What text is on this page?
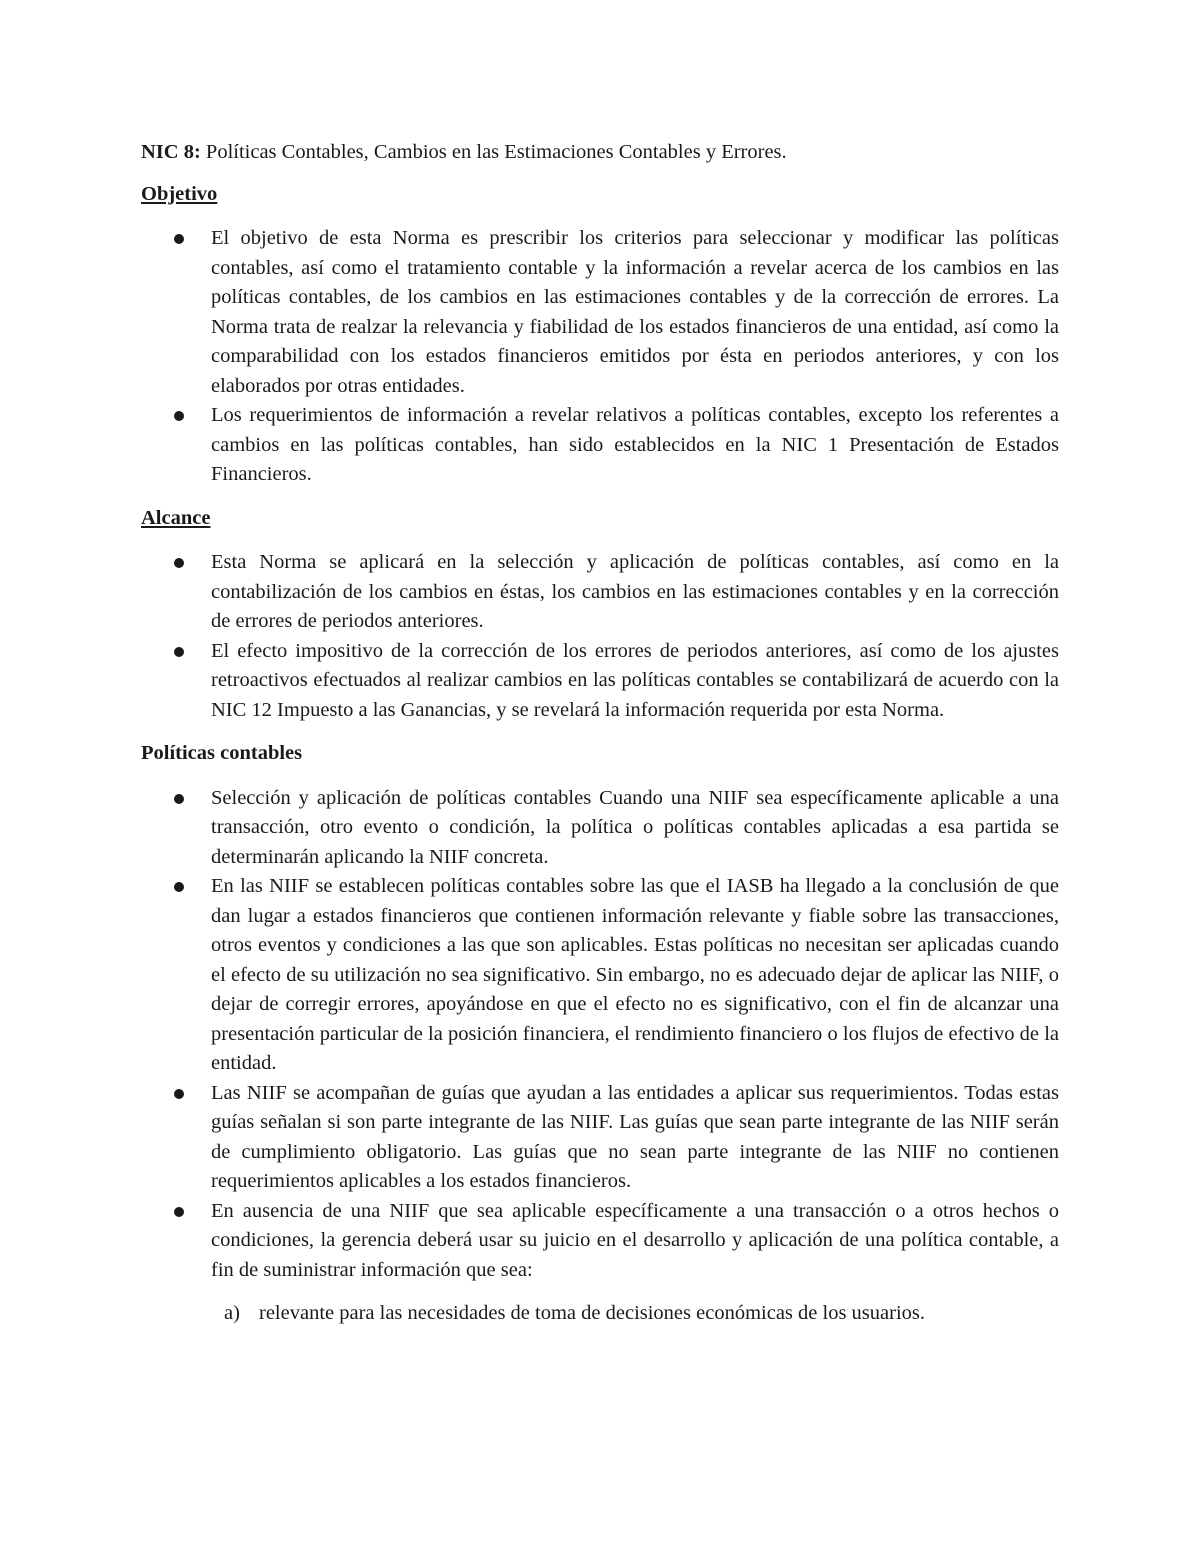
NIC 8: Políticas Contables, Cambios en las Estimaciones Contables y Errores.

Objetivo

El objetivo de esta Norma es prescribir los criterios para seleccionar y modificar las políticas contables, así como el tratamiento contable y la información a revelar acerca de los cambios en las políticas contables, de los cambios en las estimaciones contables y de la corrección de errores. La Norma trata de realzar la relevancia y fiabilidad de los estados financieros de una entidad, así como la comparabilidad con los estados financieros emitidos por ésta en periodos anteriores, y con los elaborados por otras entidades.
Los requerimientos de información a revelar relativos a políticas contables, excepto los referentes a cambios en las políticas contables, han sido establecidos en la NIC 1 Presentación de Estados Financieros.

Alcance

Esta Norma se aplicará en la selección y aplicación de políticas contables, así como en la contabilización de los cambios en éstas, los cambios en las estimaciones contables y en la corrección de errores de periodos anteriores.
El efecto impositivo de la corrección de los errores de periodos anteriores, así como de los ajustes retroactivos efectuados al realizar cambios en las políticas contables se contabilizará de acuerdo con la NIC 12 Impuesto a las Ganancias, y se revelará la información requerida por esta Norma.

Políticas contables

Selección y aplicación de políticas contables Cuando una NIIF sea específicamente aplicable a una transacción, otro evento o condición, la política o políticas contables aplicadas a esa partida se determinarán aplicando la NIIF concreta.
En las NIIF se establecen políticas contables sobre las que el IASB ha llegado a la conclusión de que dan lugar a estados financieros que contienen información relevante y fiable sobre las transacciones, otros eventos y condiciones a las que son aplicables. Estas políticas no necesitan ser aplicadas cuando el efecto de su utilización no sea significativo. Sin embargo, no es adecuado dejar de aplicar las NIIF, o dejar de corregir errores, apoyándose en que el efecto no es significativo, con el fin de alcanzar una presentación particular de la posición financiera, el rendimiento financiero o los flujos de efectivo de la entidad.
Las NIIF se acompañan de guías que ayudan a las entidades a aplicar sus requerimientos. Todas estas guías señalan si son parte integrante de las NIIF. Las guías que sean parte integrante de las NIIF serán de cumplimiento obligatorio. Las guías que no sean parte integrante de las NIIF no contienen requerimientos aplicables a los estados financieros.
En ausencia de una NIIF que sea aplicable específicamente a una transacción o a otros hechos o condiciones, la gerencia deberá usar su juicio en el desarrollo y aplicación de una política contable, a fin de suministrar información que sea:
a) relevante para las necesidades de toma de decisiones económicas de los usuarios.
